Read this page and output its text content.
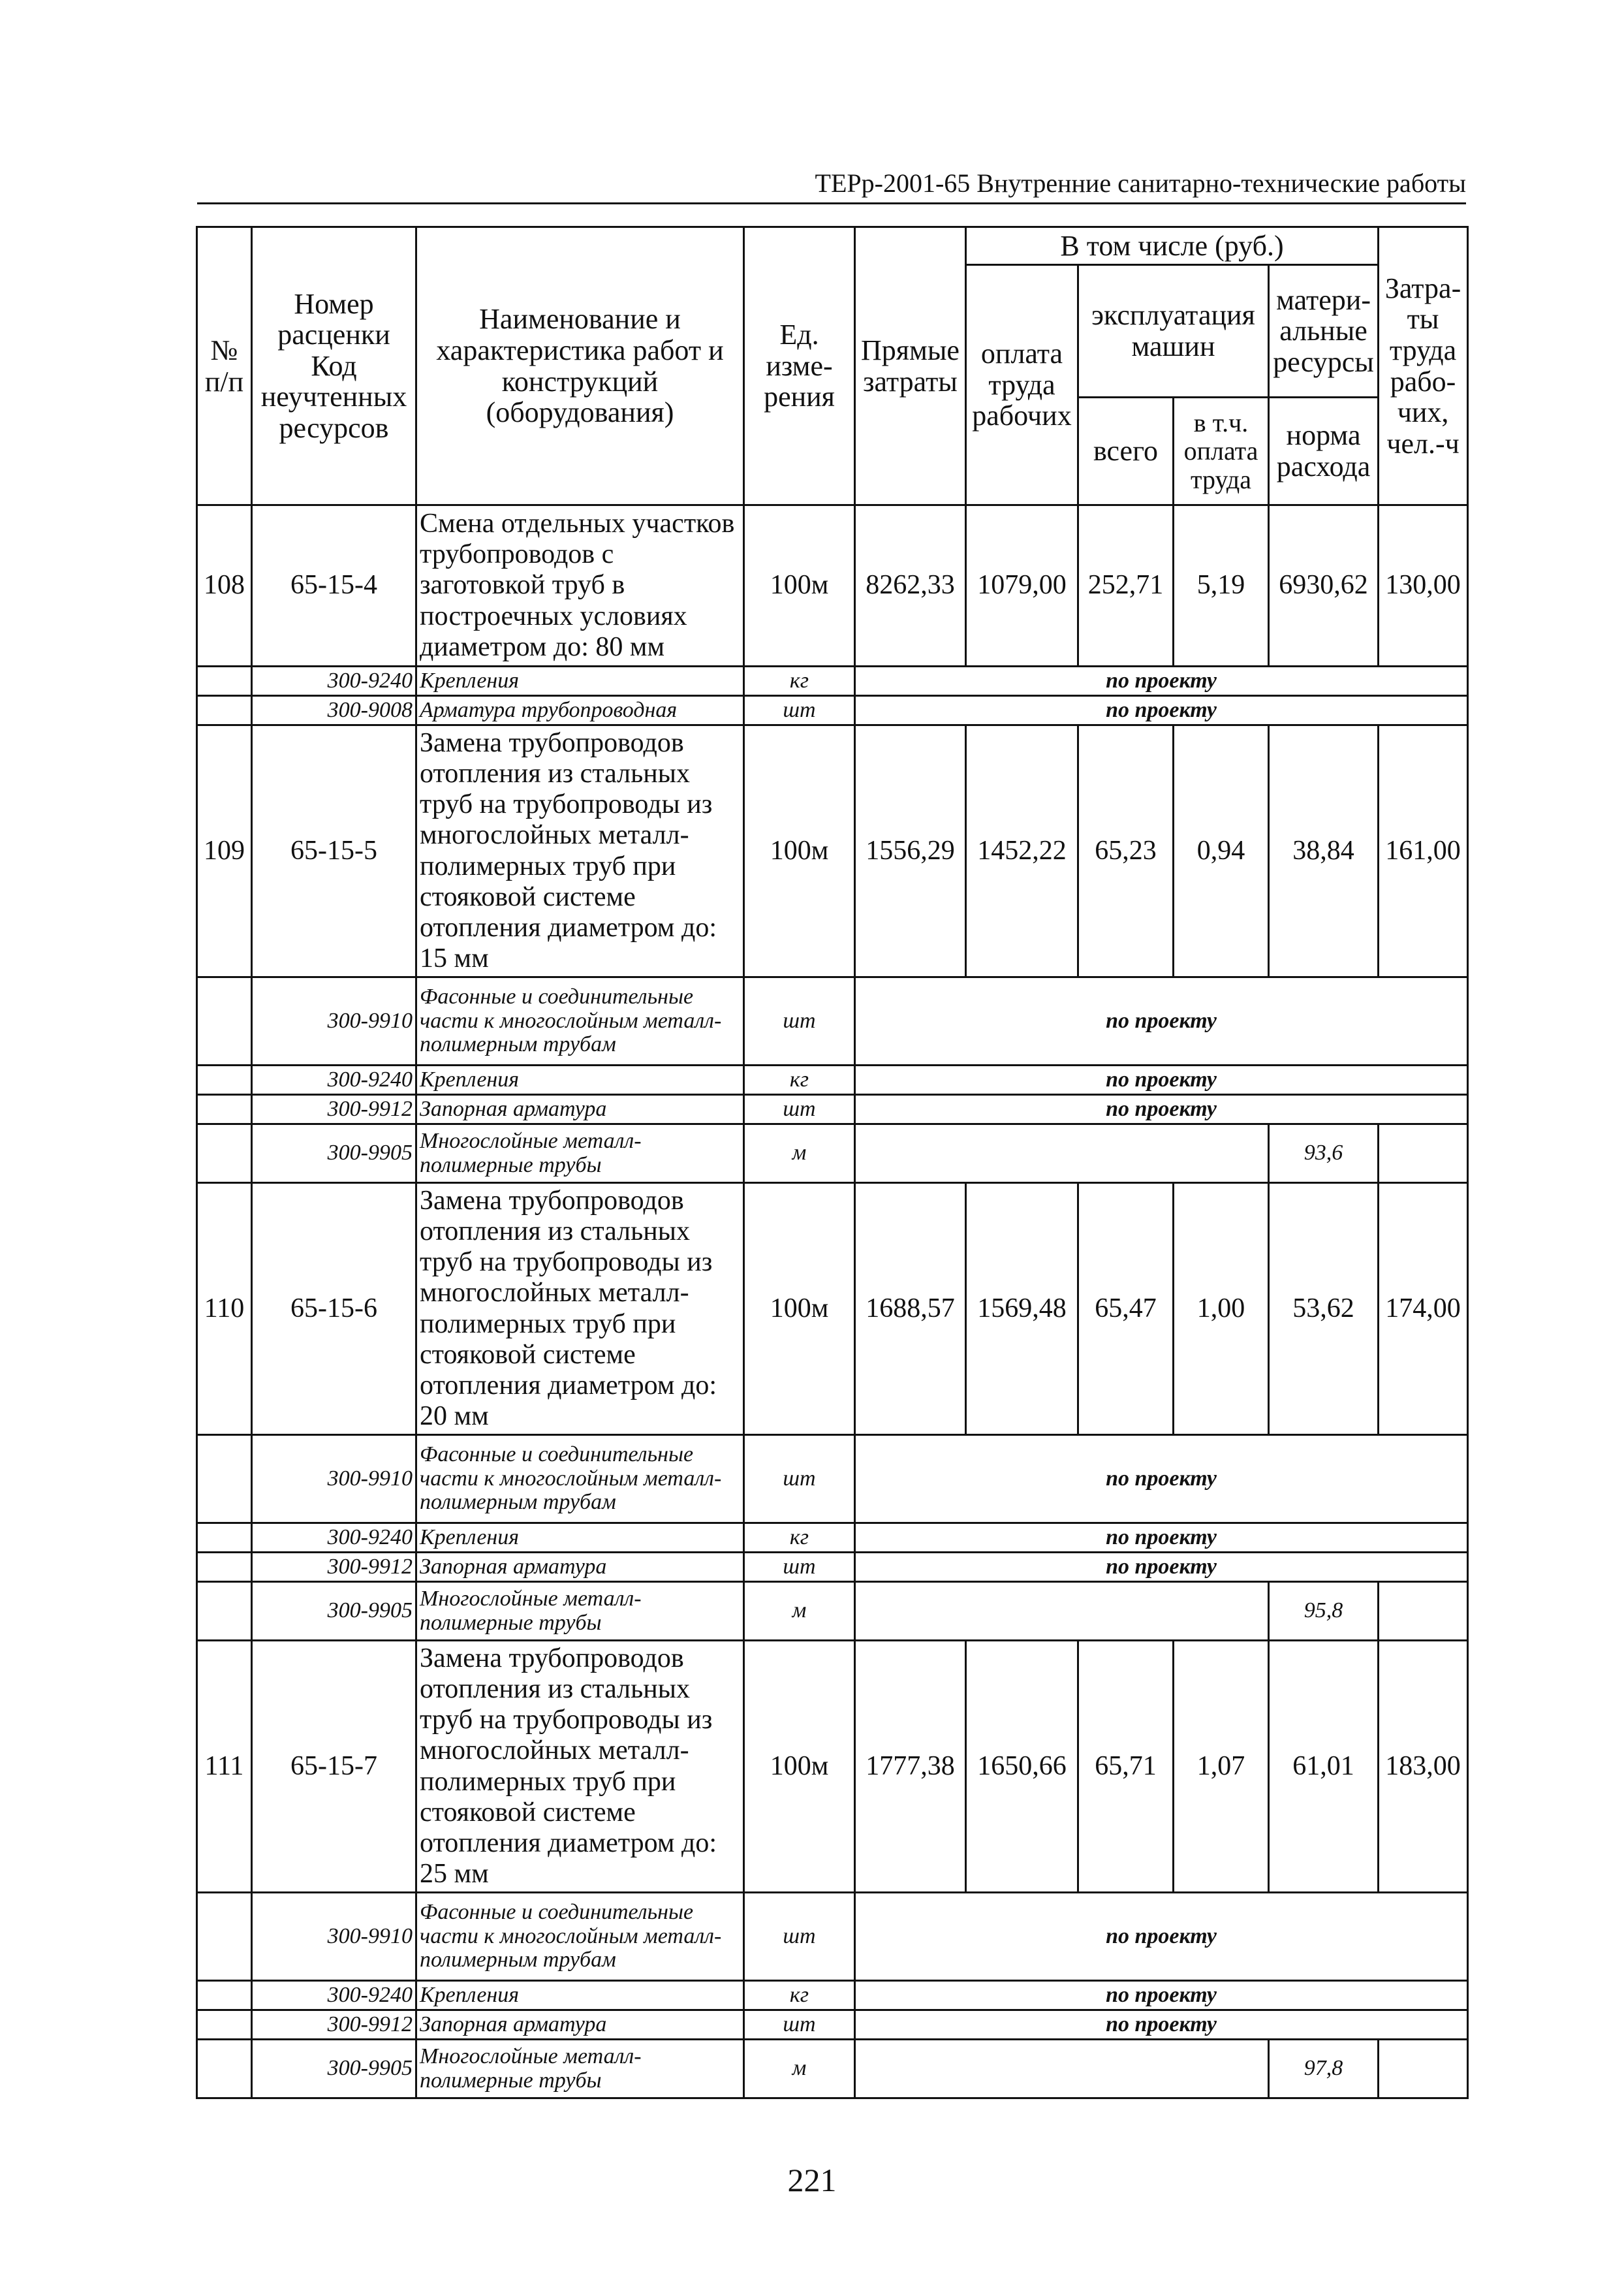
ТЕРр-2001-65 Внутренние санитарно-технические работы
№ п/п	Номер расценки Код неучтенных ресурсов	Наименование и характеристика работ и конструкций (оборудования)	Ед. изме- рения	Прямые затраты	В том числе (руб.)				Затра- ты труда рабо- чих, чел.-ч
					оплата труда рабочих	эксплуатация машин		матери- альные ресурсы	
						всего	в т.ч. оплата труда	норма расхода	
108	65-15-4	Смена отдельных участков трубопроводов с заготовкой труб в построечных условиях диаметром до: 80 мм	100м	8262,33	1079,00	252,71	5,19	6930,62	130,00
	300-9240	Крепления	кг	по проекту					
	300-9008	Арматура трубопроводная	шт	по проекту					
109	65-15-5	Замена трубопроводов отопления из стальных труб на трубопроводы из многослойных металл-полимерных труб при стояковой системе отопления диаметром до: 15 мм	100м	1556,29	1452,22	65,23	0,94	38,84	161,00
	300-9910	Фасонные и соединительные части к многослойным металл-полимерным трубам	шт	по проекту					
	300-9240	Крепления	кг	по проекту					
	300-9912	Запорная арматура	шт	по проекту					
	300-9905	Многослойные металл-полимерные трубы	м					93,6	
110	65-15-6	Замена трубопроводов отопления из стальных труб на трубопроводы из многослойных металл-полимерных труб при стояковой системе отопления диаметром до: 20 мм	100м	1688,57	1569,48	65,47	1,00	53,62	174,00
	300-9910	Фасонные и соединительные части к многослойным металл-полимерным трубам	шт	по проекту					
	300-9240	Крепления	кг	по проекту					
	300-9912	Запорная арматура	шт	по проекту					
	300-9905	Многослойные металл-полимерные трубы	м					95,8	
111	65-15-7	Замена трубопроводов отопления из стальных труб на трубопроводы из многослойных металл-полимерных труб при стояковой системе отопления диаметром до: 25 мм	100м	1777,38	1650,66	65,71	1,07	61,01	183,00
	300-9910	Фасонные и соединительные части к многослойным металл-полимерным трубам	шт	по проекту					
	300-9240	Крепления	кг	по проекту					
	300-9912	Запорная арматура	шт	по проекту					
	300-9905	Многослойные металл-полимерные трубы	м					97,8	
221
